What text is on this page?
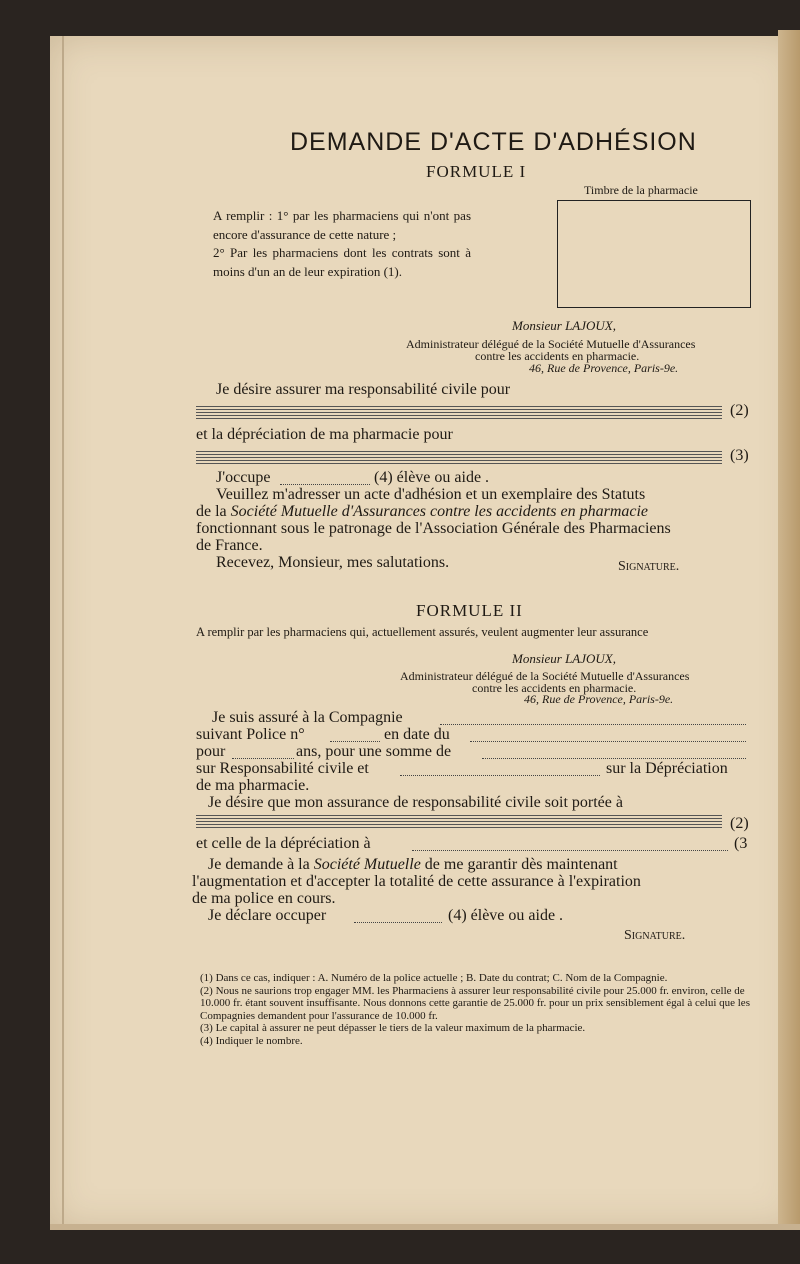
DEMANDE D'ACTE D'ADHÉSION
FORMULE I
Timbre de la pharmacie

A remplir : 1° par les pharmaciens qui n'ont pas encore d'assurance de cette nature ;

2° Par les pharmaciens dont les contrats sont à moins d'un an de leur expiration (1).

Monsieur LAJOUX,
Administrateur délégué de la Société Mutuelle d'Assurances
contre les accidents en pharmacie.
46, Rue de Provence, Paris-9e.
Je désire assurer ma responsabilité civile pour
(2)
et la dépréciation de ma pharmacie pour
(3)
J'occupe	(4) élève ou aide .
Veuillez m'adresser un acte d'adhésion et un exemplaire des Statuts
de la Société Mutuelle d'Assurances contre les accidents en pharmacie
fonctionnant sous le patronage de l'Association Générale des Pharmaciens
de France.
Recevez, Monsieur, mes salutations.	Signature.
FORMULE II
A remplir par les pharmaciens qui, actuellement assurés, veulent augmenter leur assurance
Monsieur LAJOUX,
Administrateur délégué de la Société Mutuelle d'Assurances
contre les accidents en pharmacie.
46, Rue de Provence, Paris-9e.
Je suis assuré à la Compagnie
suivant Police n°	en date du
pour	ans, pour une somme de
sur Responsabilité civile et	sur la Dépréciation
de ma pharmacie.
Je désire que mon assurance de responsabilité civile soit portée à
(2)
et celle de la dépréciation à	(3
Je demande à la Société Mutuelle de me garantir dès maintenant
l'augmentation et d'accepter la totalité de cette assurance à l'expiration
de ma police en cours.
Je déclare occuper	(4) élève ou aide .
Signature.

(1) Dans ce cas, indiquer : A. Numéro de la police actuelle ; B. Date du contrat; C. Nom de la Compagnie.

(2) Nous ne saurions trop engager MM. les Pharmaciens à assurer leur responsabilité civile pour 25.000 fr. environ, celle de 10.000 fr. étant souvent insuffisante. Nous donnons cette garantie de 25.000 fr. pour un prix sensiblement égal à celui que les Compagnies demandent pour l'assurance de 10.000 fr.

(3) Le capital à assurer ne peut dépasser le tiers de la valeur maximum de la pharmacie.

(4) Indiquer le nombre.
